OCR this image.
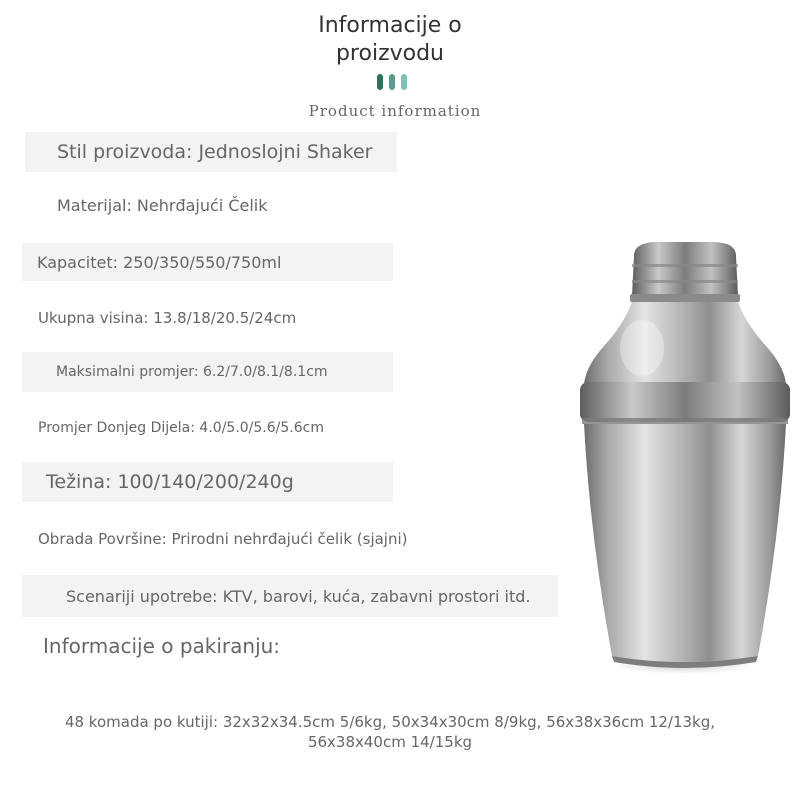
Informacije o
proizvodu
Product information
Stil proizvoda: Jednoslojni Shaker
Materijal: Nehrđajući Čelik
Kapacitet: 250/350/550/750ml
Ukupna visina: 13.8/18/20.5/24cm
Maksimalni promjer: 6.2/7.0/8.1/8.1cm
Promjer Donjeg Dijela: 4.0/5.0/5.6/5.6cm
Težina: 100/140/200/240g
Obrada Površine: Prirodni nehrđajući čelik (sjajni)
Scenariji upotrebe: KTV, barovi, kuća, zabavni prostori itd.
Informacije o pakiranju:
48 komada po kutiji: 32x32x34.5cm 5/6kg, 50x34x30cm 8/9kg, 56x38x36cm 12/13kg,
56x38x40cm 14/15kg
